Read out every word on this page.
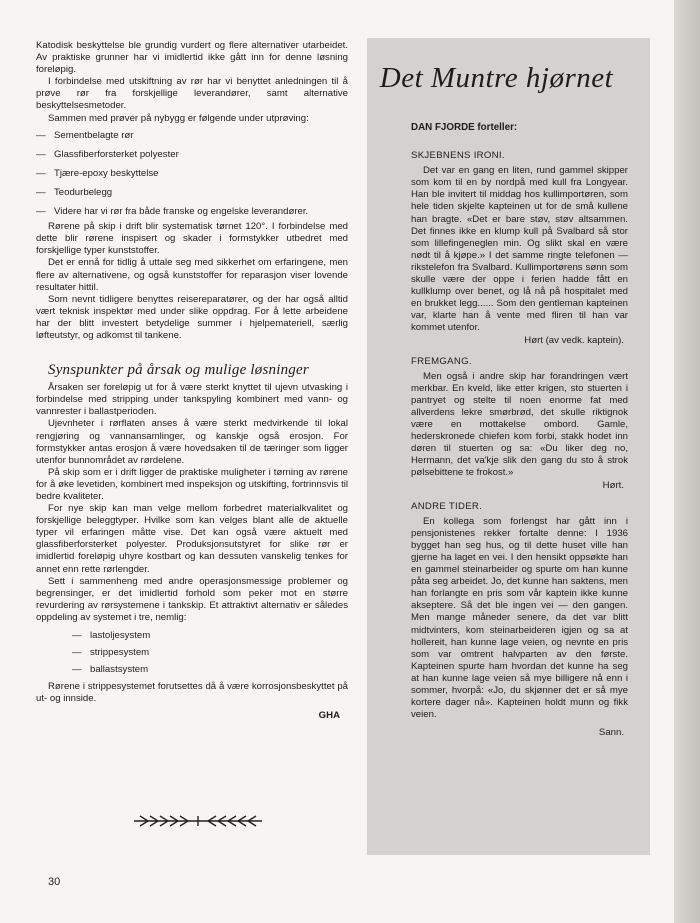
Katodisk beskyttelse ble grundig vurdert og flere alternativer utarbeidet. Av praktiske grunner har vi imidlertid ikke gått inn for denne løsning foreløpig.

I forbindelse med utskiftning av rør har vi benyttet anledningen til å prøve rør fra forskjellige leverandører, samt alternative beskyttelsesmetoder.

Sammen med prøver på nybygg er følgende under utprøving:

— Sementbelagte rør
— Glassfiberforsterket polyester
— Tjære-epoxy beskyttelse
— Teodurbelegg
— Videre har vi rør fra både franske og engelske leverandører.

Rørene på skip i drift blir systematisk tørnet 120°. I forbindelse med dette blir rørene inspisert og skader i formstykker utbedret med forskjellige typer kunststoffer.

Det er ennå for tidlig å uttale seg med sikkerhet om erfaringene, men flere av alternativene, og også kunststoffer for reparasjon viser lovende resultater hittil.

Som nevnt tidligere benyttes reisereparatører, og der har også alltid vært teknisk inspektør med under slike oppdrag. For å lette arbeidene har der blitt investert betydelige summer i hjelpemateriell, særlig løfteutstyr, og adkomst til tankene.

Synspunkter på årsak og mulige løsninger

Årsaken ser foreløpig ut for å være sterkt knyttet til ujevn utvasking i forbindelse med stripping under tankspyling kombinert med vann- og vannrester i ballastperioden.

Ujevnheter i rørflaten anses å være sterkt medvirkende til lokal rengjøring og vannansamlinger, og kanskje også erosjon. For formstykker antas erosjon å være hovedsaken til de tæringer som ligger utenfor bunnområdet av rørdelene.

På skip som er i drift ligger de praktiske muligheter i tørning av rørene for å øke levetiden, kombinert med inspeksjon og utskifting, fortrinnsvis til bedre kvaliteter.

For nye skip kan man velge mellom forbedret materialkvalitet og forskjellige beleggtyper. Hvilke som kan velges blant alle de aktuelle typer vil erfaringen måtte vise. Det kan også være aktuelt med glassfiberforsterket polyester. Produksjonsutstyret for slike rør er imidlertid foreløpig uhyre kostbart og kan dessuten vanskelig tenkes for annet enn rette rørlengder.

Sett i sammenheng med andre operasjonsmessige problemer og begrensinger, er det imidlertid forhold som peker mot en større revurdering av rørsystemene i tankskip. Et attraktivt alternativ er således oppdeling av systemet i tre, nemlig:

— lastoljesystem
— strippesystem
— ballastsystem

Rørene i strippesystemet forutsettes då å være korrosjonsbeskyttet på ut- og innside.

GHA
30
Det Muntre hjørnet
DAN FJORDE forteller:
SKJEBNENS IRONI.

Det var en gang en liten, rund gammel skipper som kom til en by nordpå med kull fra Longyear. Han ble invitert til middag hos kullimportøren, som hele tiden skjelte kapteinen ut for de små kullene han bragte. «Det er bare støv, støv altsammen. Det finnes ikke en klump kull på Svalbard så stor som lillefingeneglen min. Og slikt skal en være nødt til å kjøpe.» I det samme ringte telefonen — rikstelefon fra Svalbard. Kullimportørens sønn som skulle være der oppe i ferien hadde fått en kullklump over benet, og lå nå på hospitalet med en brukket legg...... Som den gentleman kapteinen var, klarte han å vente med fliren til han var kommet utenfor.

Hørt (av vedk. kaptein).
FREMGANG.

Men også i andre skip har forandringen vært merkbar. En kveld, like etter krigen, sto stuerten i pantryet og stelte til noen enorme fat med allverdens lekre smørbrød, det skulle riktignok være en mottakelse ombord. Gamle, hederskronede chiefen kom forbi, stakk hodet inn døren til stuerten og sa: «Du liker deg no, Hermann, det va'kje slik den gang du sto å strok pølsebittene te frokost.»

Hørt.
ANDRE TIDER.

En kollega som forlengst har gått inn i pensjonistenes rekker fortalte denne: I 1936 bygget han seg hus, og til dette huset ville han gjerne ha laget en vei. I den hensikt oppsøkte han en gammel steinarbeider og spurte om han kunne påta seg arbeidet. Jo, det kunne han saktens, men han forlangte en pris som vår kaptein ikke kunne akseptere. Så det ble ingen vei — den gangen. Men mange måneder senere, da det var blitt midtvinters, kom steinarbeideren igjen og sa at hollereit, han kunne lage veien, og nevnte en pris som var omtrent halvparten av den første. Kapteinen spurte ham hvordan det kunne ha seg at han kunne lage veien så mye billigere nå enn i sommer, hvorpå: «Jo, du skjønner det er så mye kortere dager nå». Kapteinen holdt munn og fikk veien.

Sann.
